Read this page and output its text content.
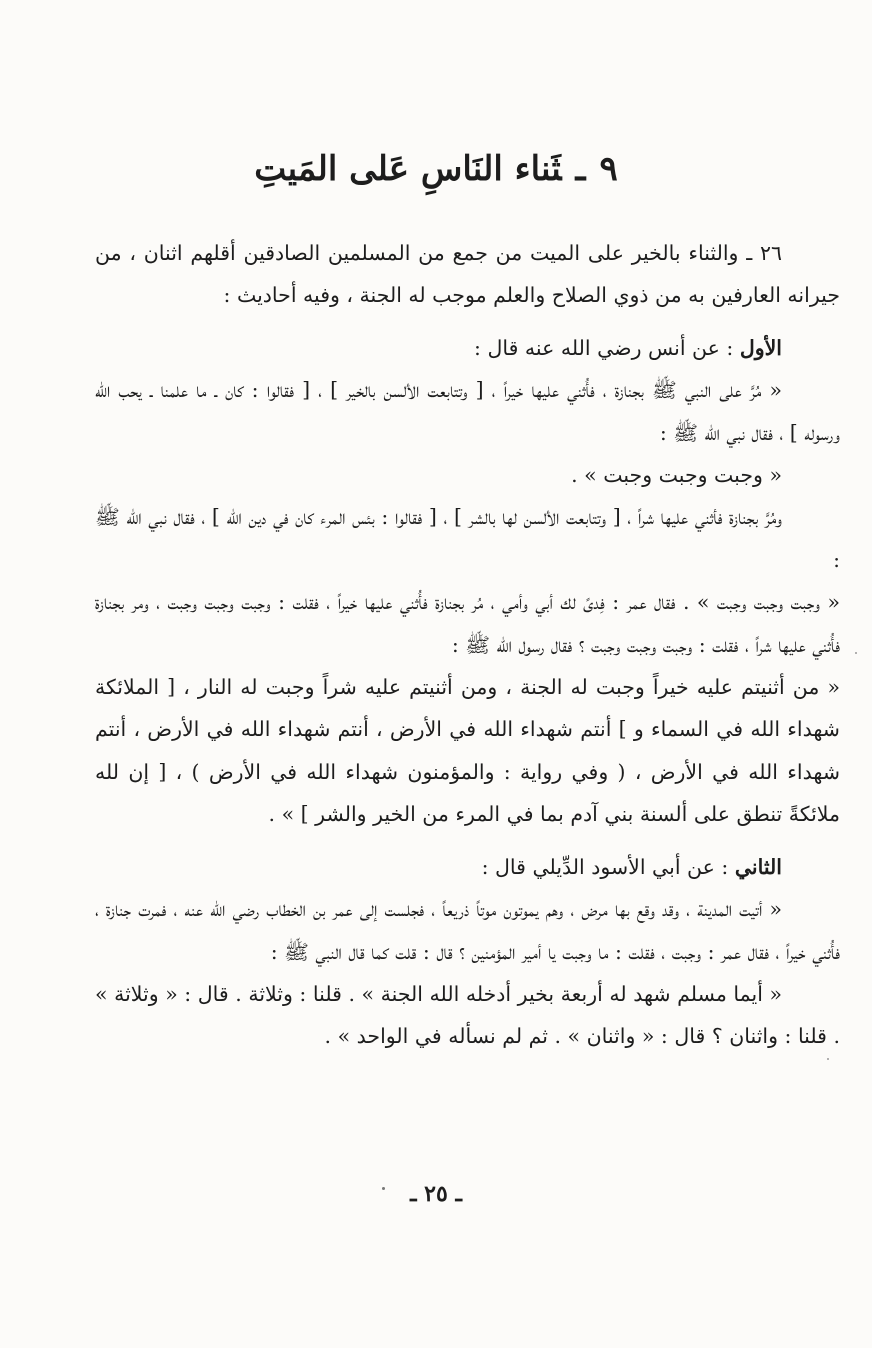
٩ـثَناء النَاسِ عَلى المَيتِ

٢٦ ـ والثناء بالخير على الميت من جمع من المسلمين الصادقين أقلهم اثنان ، من جيرانه العارفين به من ذوي الصلاح والعلم موجب له الجنة ، وفيه أحاديث :

الأول : عن أنس رضي الله عنه قال :

« مُرَّ على النبي ﷺ بجنازة ، فأُثني عليها خيراً ، [ وتتابعت الألسن بالخير ] ، [ فقالوا : كان ـ ما علمنا ـ يحب الله ورسوله ] ، فقال نبي الله ﷺ :

« وجبت وجبت وجبت » .

ومُرَّ بجنازة فأثني عليها شراً ، [ وتتابعت الألسن لها بالشر ] ، [ فقالوا : بئس المرء كان في دين الله ] ، فقال نبي الله ﷺ :

« وجبت وجبت وجبت » . فقال عمر : فِدىً لك أبي وأمي ، مُر بجنازة فأُثني عليها خيراً ، فقلت : وجبت وجبت وجبت ، ومر بجنازة فأُثني عليها شراً ، فقلت : وجبت وجبت وجبت ؟ فقال رسول الله ﷺ :

« من أثنيتم عليه خيراً وجبت له الجنة ، ومن أثنيتم عليه شراً وجبت له النار ، [ الملائكة شهداء الله في السماء و ] أنتم شهداء الله في الأرض ، أنتم شهداء الله في الأرض ، أنتم شهداء الله في الأرض ، ( وفي رواية : والمؤمنون شهداء الله في الأرض ) ، [ إن لله ملائكةً تنطق على ألسنة بني آدم بما في المرء من الخير والشر ] » .

الثاني : عن أبي الأسود الدِّيلي قال :

« أتيت المدينة ، وقد وقع بها مرض ، وهم يموتون موتاً ذريعاً ، فجلست إلى عمر بن الخطاب رضي الله عنه ، فمرت جنازة ، فأُثني خيراً ، فقال عمر : وجبت ، فقلت : ما وجبت يا أمير المؤمنين ؟ قال : قلت كما قال النبي ﷺ :

« أيما مسلم شهد له أربعة بخير أدخله الله الجنة » . قلنا : وثلاثة . قال : « وثلاثة » . قلنا : واثنان ؟ قال : « واثنان » . ثم لم نسأله في الواحد » .

ـ ٢٥ ـ
